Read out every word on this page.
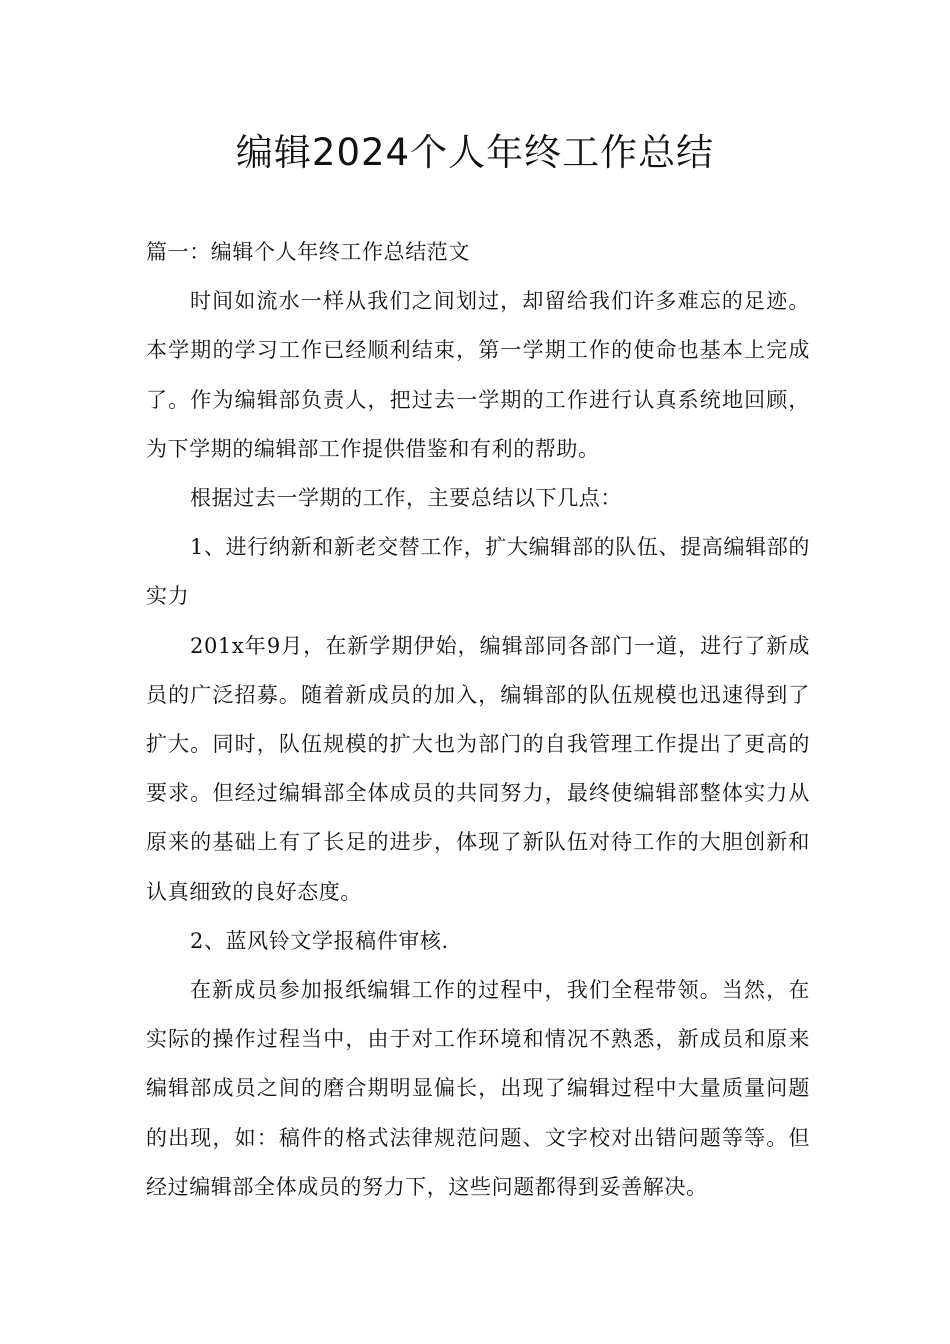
编辑2024个人年终工作总结

篇一：编辑个人年终工作总结范文

时间如流水一样从我们之间划过，却留给我们许多难忘的足迹。本学期的学习工作已经顺利结束，第一学期工作的使命也基本上完成了。作为编辑部负责人，把过去一学期的工作进行认真系统地回顾，为下学期的编辑部工作提供借鉴和有利的帮助。

根据过去一学期的工作，主要总结以下几点：

1、进行纳新和新老交替工作，扩大编辑部的队伍、提高编辑部的实力

201x年9月，在新学期伊始，编辑部同各部门一道，进行了新成员的广泛招募。随着新成员的加入，编辑部的队伍规模也迅速得到了扩大。同时，队伍规模的扩大也为部门的自我管理工作提出了更高的要求。但经过编辑部全体成员的共同努力，最终使编辑部整体实力从原来的基础上有了长足的进步，体现了新队伍对待工作的大胆创新和认真细致的良好态度。

2、蓝风铃文学报稿件审核.

在新成员参加报纸编辑工作的过程中，我们全程带领。当然，在实际的操作过程当中，由于对工作环境和情况不熟悉，新成员和原来编辑部成员之间的磨合期明显偏长，出现了编辑过程中大量质量问题的出现，如：稿件的格式法律规范问题、文字校对出错问题等等。但经过编辑部全体成员的努力下，这些问题都得到妥善解决。
